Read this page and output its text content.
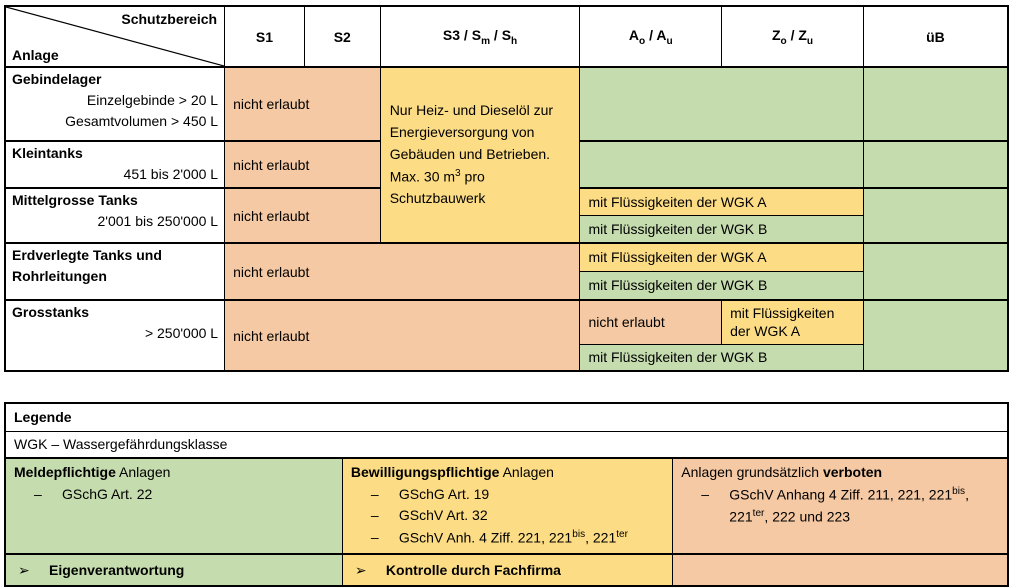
Schutzbereich
Anlage	S1	S2	$S3 / S_m / S_h$	$A_o / A_u$	$Z_o / Z_u$	üB

Gebindelager
Einzelgebinde > 20 L
Gesamtvolumen > 450 L	nicht erlaubt		Nur Heiz- und Dieselöl zur Energieversorgung von Gebäuden und Betrieben. Max. 30 $m^3$ pro Schutzbauwerk			

Kleintanks
451 bis 2'000 L	nicht erlaubt					

Mittelgrosse Tanks
2'001 bis 250'000 L	nicht erlaubt			mit Flüssigkeiten der WGK A		
				mit Flüssigkeiten der WGK B		

Erdverlegte Tanks und Rohrleitungen	nicht erlaubt			mit Flüssigkeiten der WGK A		
				mit Flüssigkeiten der WGK B		

Grosstanks
> 250'000 L	nicht erlaubt			nicht erlaubt	mit Flüssigkeiten der WGK A	
				mit Flüssigkeiten der WGK B		
Legende		
WGK – Wassergefährdungsklasse		

Meldepflichtige Anlagen
–	GSchG Art. 22

Bewilligungspflichtige Anlagen
–	GSchG Art. 19
–	GSchV Art. 32
–	GSchV Anh. 4 Ziff. 221, $221^{bis}$, $221^{ter}$

Anlagen grundsätzlich verboten
–	GSchV Anhang 4 Ziff. 211, 221, $221^{bis}$, $221^{ter}$, 222 und 223

➢ Eigenverantwortung	➢ Kontrolle durch Fachfirma	
